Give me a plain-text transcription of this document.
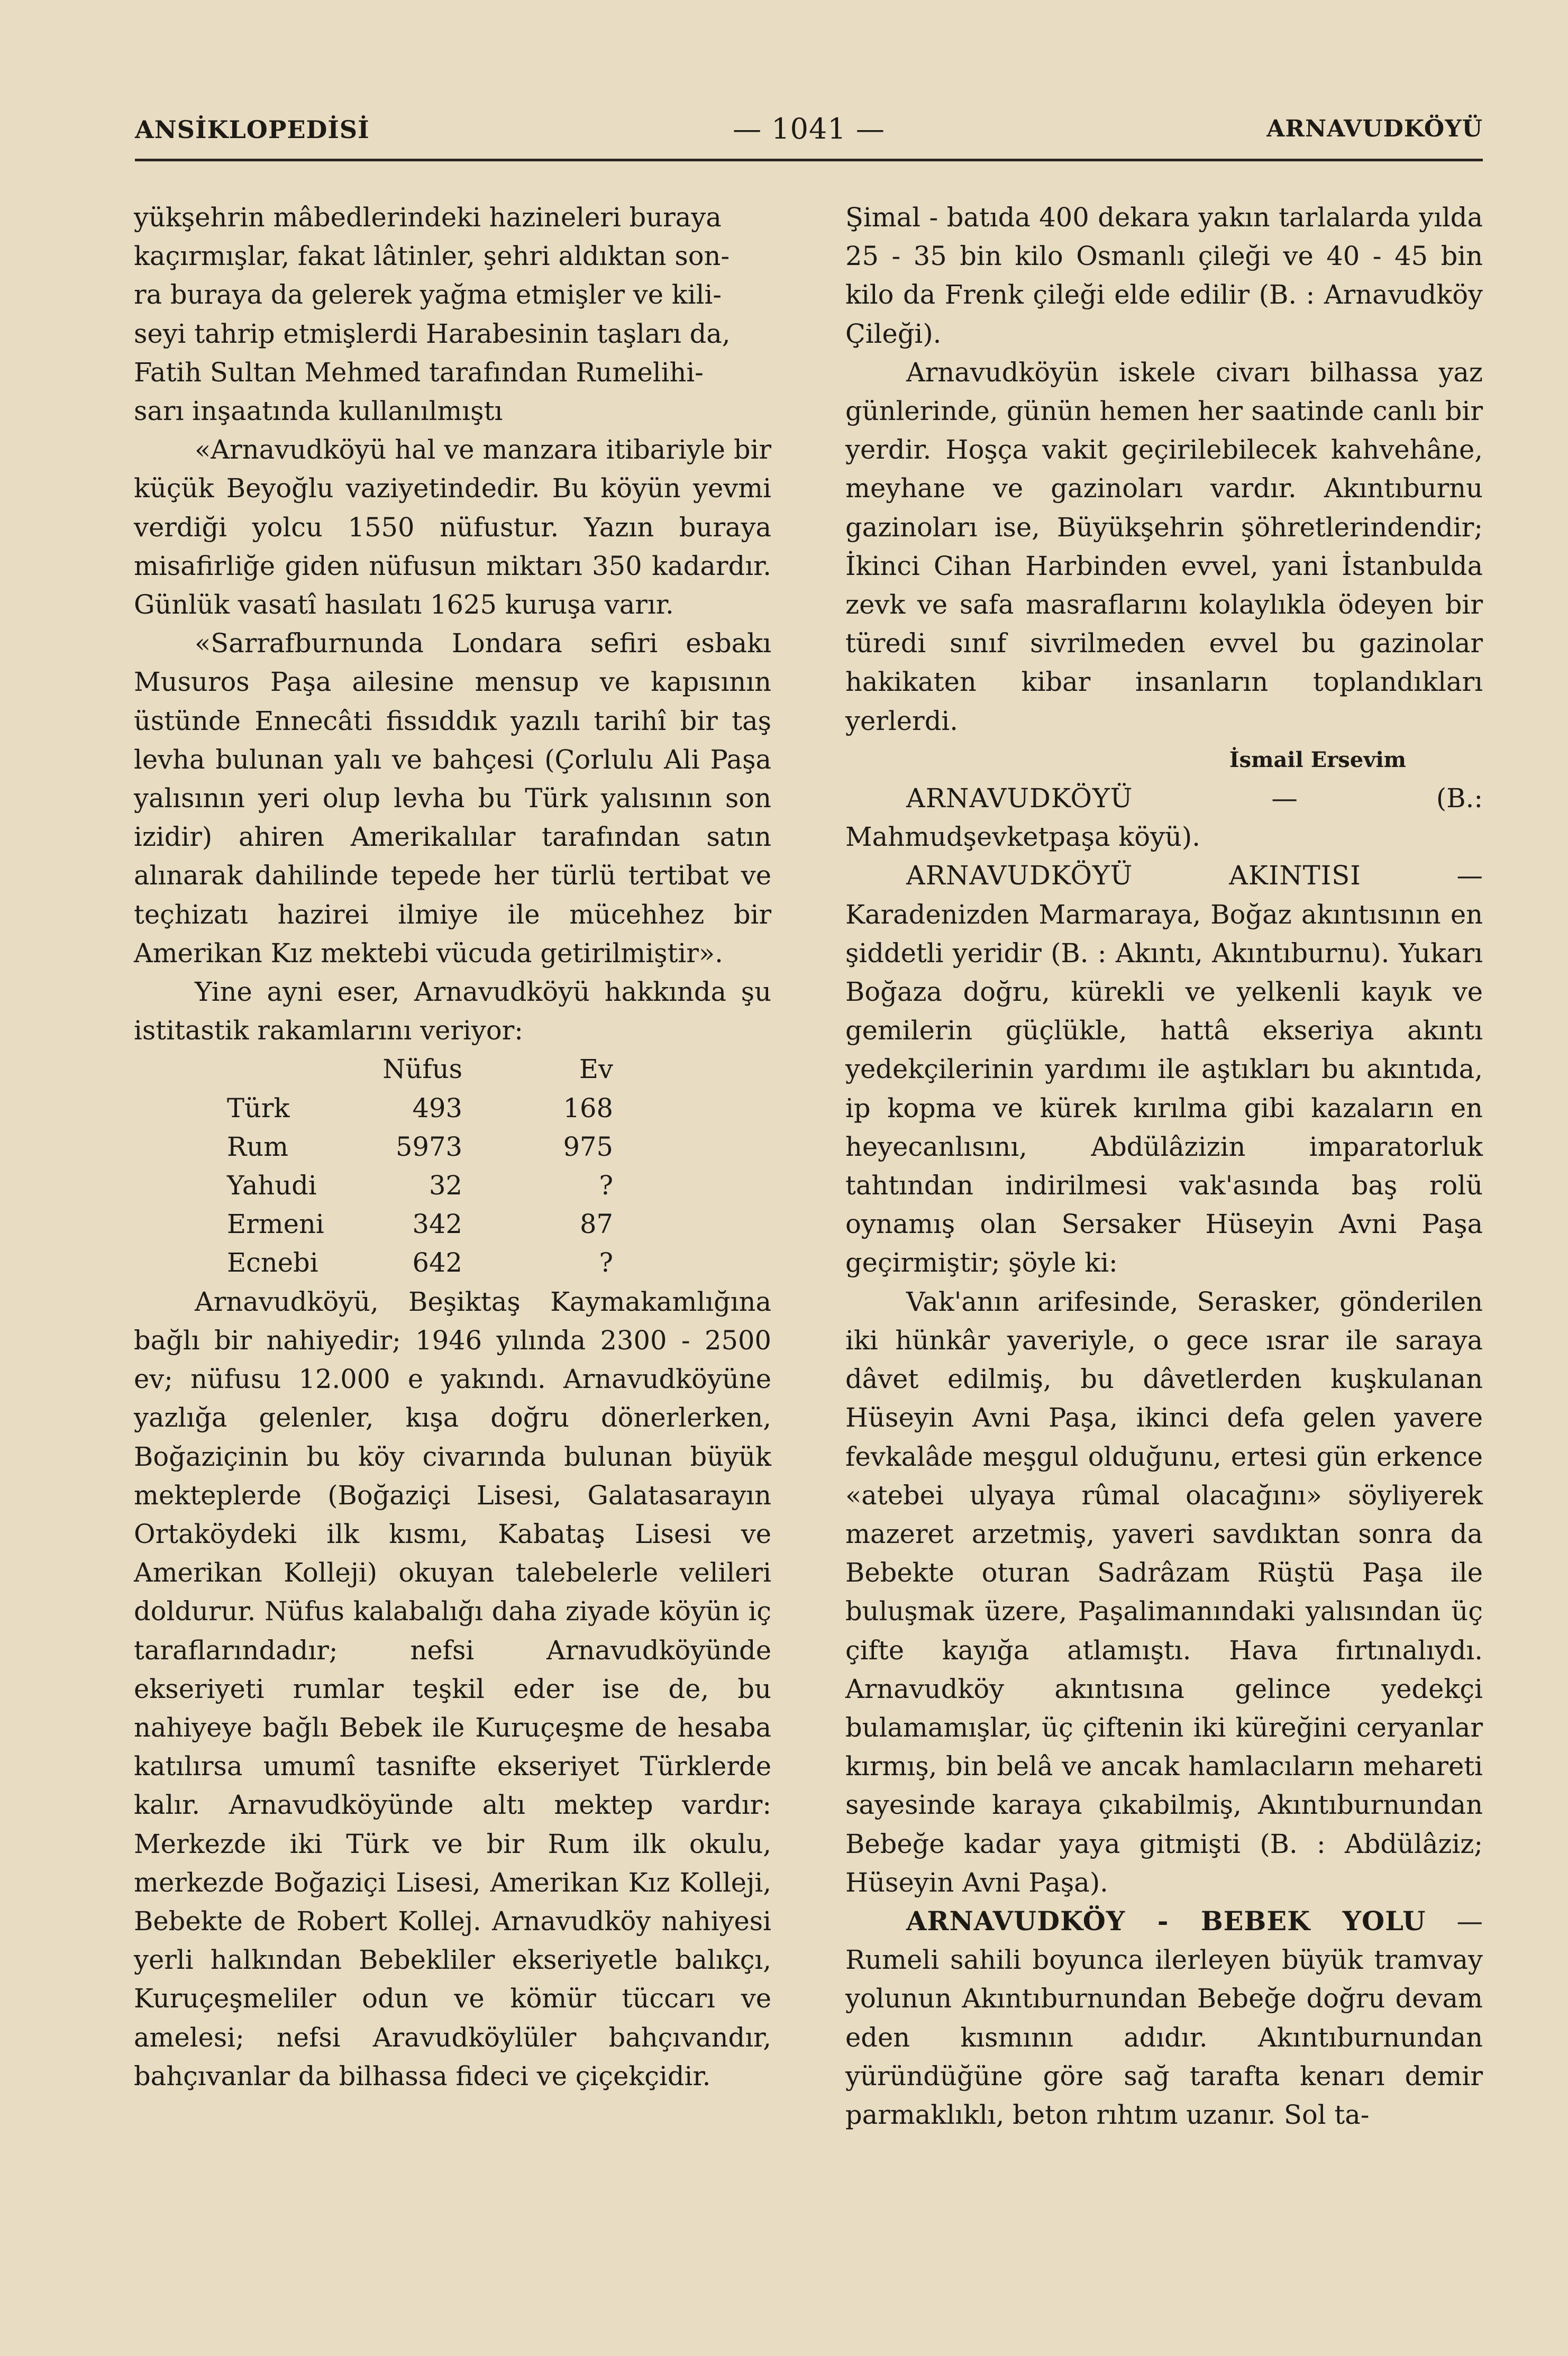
— 1041 —
ANSİKLOPEDİSİ	ARNAVUDKÖYÜ

yükşehrin mâbedlerindeki hazineleri buraya

kaçırmışlar, fakat lâtinler, şehri aldıktan son-

ra buraya da gelerek yağma etmişler ve kili-

seyi tahrip etmişlerdi Harabesinin taşları da,

Fatih Sultan Mehmed tarafından Rumelihi-

sarı inşaatında kullanılmıştı

«Arnavudköyü hal ve manzara itibariyle bir küçük Beyoğlu vaziyetindedir. Bu köyün yevmi verdiği yolcu 1550 nüfustur. Yazın buraya misafirliğe giden nüfusun miktarı 350 kadardır. Günlük vasatî hasılatı 1625 kuruşa varır.

«Sarrafburnunda Londara sefiri esbakı Musuros Paşa ailesine mensup ve kapısının üstünde Ennecâti fissıddık yazılı tarihî bir taş levha bulunan yalı ve bahçesi (Çorlulu Ali Paşa yalısının yeri olup levha bu Türk yalısının son izidir) ahiren Amerikalılar tarafından satın alınarak dahilinde tepede her türlü tertibat ve teçhizatı hazirei ilmiye ile mücehhez bir Amerikan Kız mektebi vücuda getirilmiştir».

Yine ayni eser, Arnavudköyü hakkında şu istitastik rakamlarını veriyor:

	Nüfus	Ev
Türk	493	168
Rum	5973	975
Yahudi	32	?
Ermeni	342	87
Ecnebi	642	?

Arnavudköyü, Beşiktaş Kaymakamlığına bağlı bir nahiyedir; 1946 yılında 2300 - 2500 ev; nüfusu 12.000 e yakındı. Arnavudköyüne yazlığa gelenler, kışa doğru dönerlerken, Boğaziçinin bu köy civarında bulunan büyük mekteplerde (Boğaziçi Lisesi, Galatasarayın Ortaköydeki ilk kısmı, Kabataş Lisesi ve Amerikan Kolleji) okuyan talebelerle velileri doldurur. Nüfus kalabalığı daha ziyade köyün iç taraflarındadır; nefsi Arnavudköyünde ekseriyeti rumlar teşkil eder ise de, bu nahiyeye bağlı Bebek ile Kuruçeşme de hesaba katılırsa umumî tasnifte ekseriyet Türklerde kalır. Arnavudköyünde altı mektep vardır: Merkezde iki Türk ve bir Rum ilk okulu, merkezde Boğaziçi Lisesi, Amerikan Kız Kolleji, Bebekte de Robert Kollej. Arnavudköy nahiyesi yerli halkından Bebekliler ekseriyetle balıkçı, Kuruçeşmeliler odun ve kömür tüccarı ve amelesi; nefsi Aravudköylüler bahçıvandır, bahçıvanlar da bilhassa fideci ve çiçekçidir.

Şimal - batıda 400 dekara yakın tarlalarda yılda 25 - 35 bin kilo Osmanlı çileği ve 40 - 45 bin kilo da Frenk çileği elde edilir (B. : Arnavudköy Çileği).

Arnavudköyün iskele civarı bilhassa yaz günlerinde, günün hemen her saatinde canlı bir yerdir. Hoşça vakit geçirilebilecek kahvehâne, meyhane ve gazinoları vardır. Akıntıburnu gazinoları ise, Büyükşehrin şöhretlerindendir; İkinci Cihan Harbinden evvel, yani İstanbulda zevk ve safa masraflarını kolaylıkla ödeyen bir türedi sınıf sivrilmeden evvel bu gazinolar hakikaten kibar insanların toplandıkları yerlerdi.

İsmail Ersevim

ARNAVUDKÖYÜ — (B.: Mahmudşevketpaşa köyü).

ARNAVUDKÖYÜ AKINTISI — Karadenizden Marmaraya, Boğaz akıntısının en şiddetli yeridir (B. : Akıntı, Akıntıburnu). Yukarı Boğaza doğru, kürekli ve yelkenli kayık ve gemilerin güçlükle, hattâ ekseriya akıntı yedekçilerinin yardımı ile aştıkları bu akıntıda, ip kopma ve kürek kırılma gibi kazaların en heyecanlısını, Abdülâzizin imparatorluk tahtından indirilmesi vak'asında baş rolü oynamış olan Sersaker Hüseyin Avni Paşa geçirmiştir; şöyle ki:

Vak'anın arifesinde, Serasker, gönderilen iki hünkâr yaveriyle, o gece ısrar ile saraya dâvet edilmiş, bu dâvetlerden kuşkulanan Hüseyin Avni Paşa, ikinci defa gelen yavere fevkalâde meşgul olduğunu, ertesi gün erkence «atebei ulyaya rûmal olacağını» söyliyerek mazeret arzetmiş, yaveri savdıktan sonra da Bebekte oturan Sadrâzam Rüştü Paşa ile buluşmak üzere, Paşalimanındaki yalısından üç çifte kayığa atlamıştı. Hava fırtınalıydı. Arnavudköy akıntısına gelince yedekçi bulamamışlar, üç çiftenin iki küreğini ceryanlar kırmış, bin belâ ve ancak hamlacıların mehareti sayesinde karaya çıkabilmiş, Akıntıburnundan Bebeğe kadar yaya gitmişti (B. : Abdülâziz; Hüseyin Avni Paşa).

ARNAVUDKÖY - BEBEK YOLU — Rumeli sahili boyunca ilerleyen büyük tramvay yolunun Akıntıburnundan Bebeğe doğru devam eden kısmının adıdır. Akıntıburnundan yüründüğüne göre sağ tarafta kenarı demir parmaklıklı, beton rıhtım uzanır. Sol ta-
